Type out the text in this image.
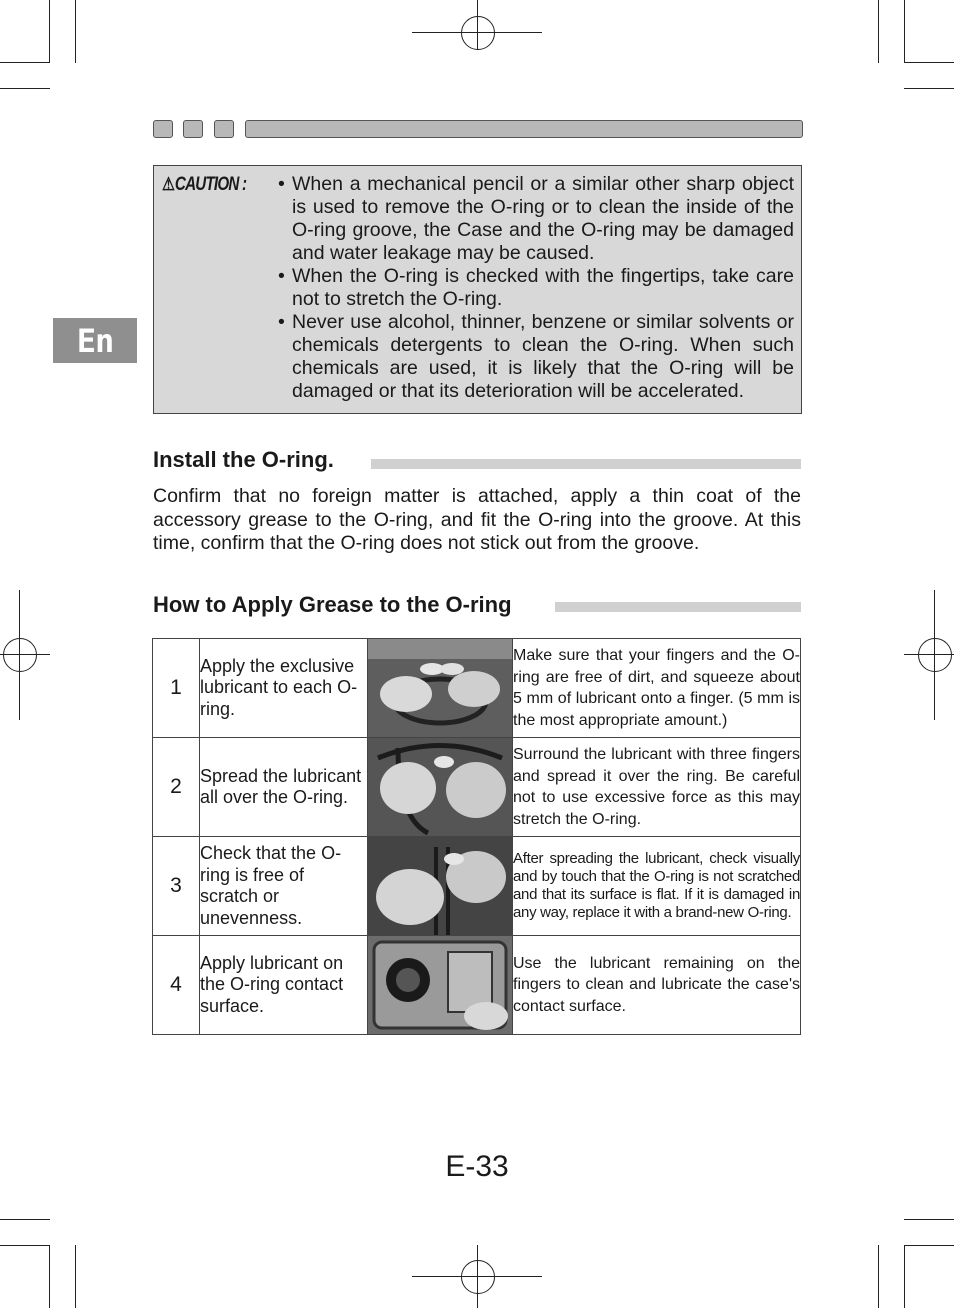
En
⚠CAUTION : • When a mechanical pencil or a similar other sharp object is used to remove the O-ring or to clean the inside of the O-ring groove, the Case and the O-ring may be damaged and water leakage may be caused.
• When the O-ring is checked with the fingertips, take care not to stretch the O-ring.
• Never use alcohol, thinner, benzene or similar solvents or chemicals detergents to clean the O-ring. When such chemicals are used, it is likely that the O-ring will be damaged or that its deterioration will be accelerated.
Install the O-ring.

Confirm that no foreign matter is attached, apply a thin coat of the accessory grease to the O-ring, and fit the O-ring into the groove. At this time, confirm that the O-ring does not stick out from the groove.

How to Apply Grease to the O-ring
1	Apply the exclusive lubricant to each O-ring.		Make sure that your fingers and the O-ring are free of dirt, and squeeze about 5 mm of lubricant onto a finger. (5 mm is the most appropriate amount.)
2	Spread the lubricant all over the O-ring.		Surround the lubricant with three fingers and spread it over the ring. Be careful not to use excessive force as this may stretch the O-ring.
3	Check that the O-ring is free of scratch or unevenness.		After spreading the lubricant, check visually and by touch that the O-ring is not scratched and that its surface is flat. If it is damaged in any way, replace it with a brand-new O-ring.
4	Apply lubricant on the O-ring contact surface.		Use the lubricant remaining on the fingers to clean and lubricate the case's contact surface.
E-33
